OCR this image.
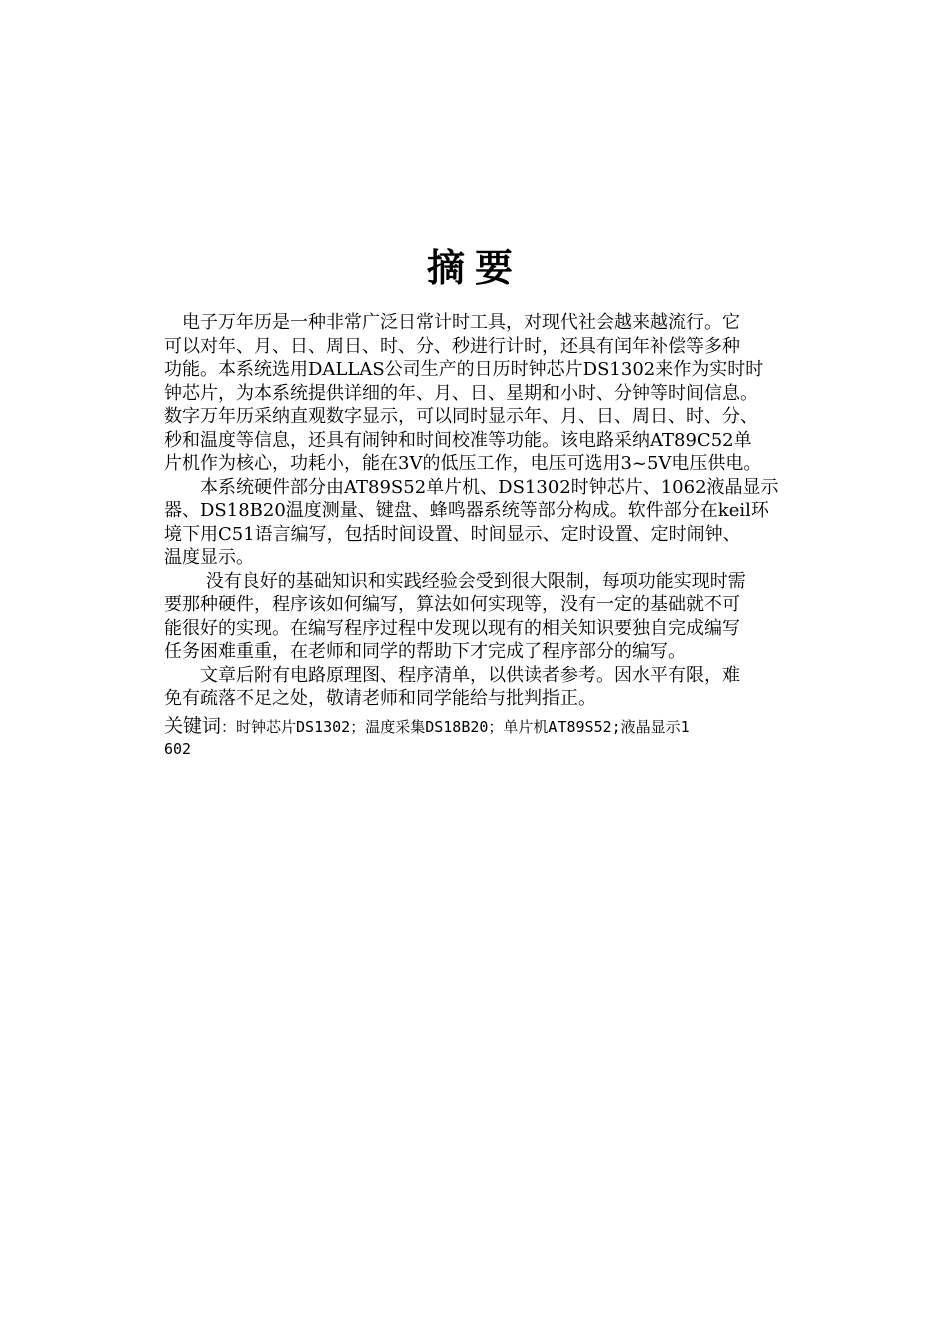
摘要
　电子万年历是一种非常广泛日常计时工具，对现代社会越来越流行。它
可以对年、月、日、周日、时、分、秒进行计时，还具有闰年补偿等多种
功能。本系统选用DALLAS公司生产的日历时钟芯片DS1302来作为实时时
钟芯片，为本系统提供详细的年、月、日、星期和小时、分钟等时间信息。
数字万年历采纳直观数字显示，可以同时显示年、月、日、周日、时、分、
秒和温度等信息，还具有闹钟和时间校准等功能。该电路采纳AT89C52单
片机作为核心，功耗小，能在3V的低压工作，电压可选用3~5V电压供电。
　　本系统硬件部分由AT89S52单片机、DS1302时钟芯片、1062液晶显示
器、DS18B20温度测量、键盘、蜂鸣器系统等部分构成。软件部分在keil环
境下用C51语言编写，包括时间设置、时间显示、定时设置、定时闹钟、
温度显示。
　　 没有良好的基础知识和实践经验会受到很大限制，每项功能实现时需
要那种硬件，程序该如何编写，算法如何实现等，没有一定的基础就不可
能很好的实现。在编写程序过程中发现以现有的相关知识要独自完成编写
任务困难重重，在老师和同学的帮助下才完成了程序部分的编写。
　　文章后附有电路原理图、程序清单，以供读者参考。因水平有限，难
免有疏落不足之处，敬请老师和同学能给与批判指正。
关键词：时钟芯片DS1302；温度采集DS18B20；单片机AT89S52;液晶显示1
602
